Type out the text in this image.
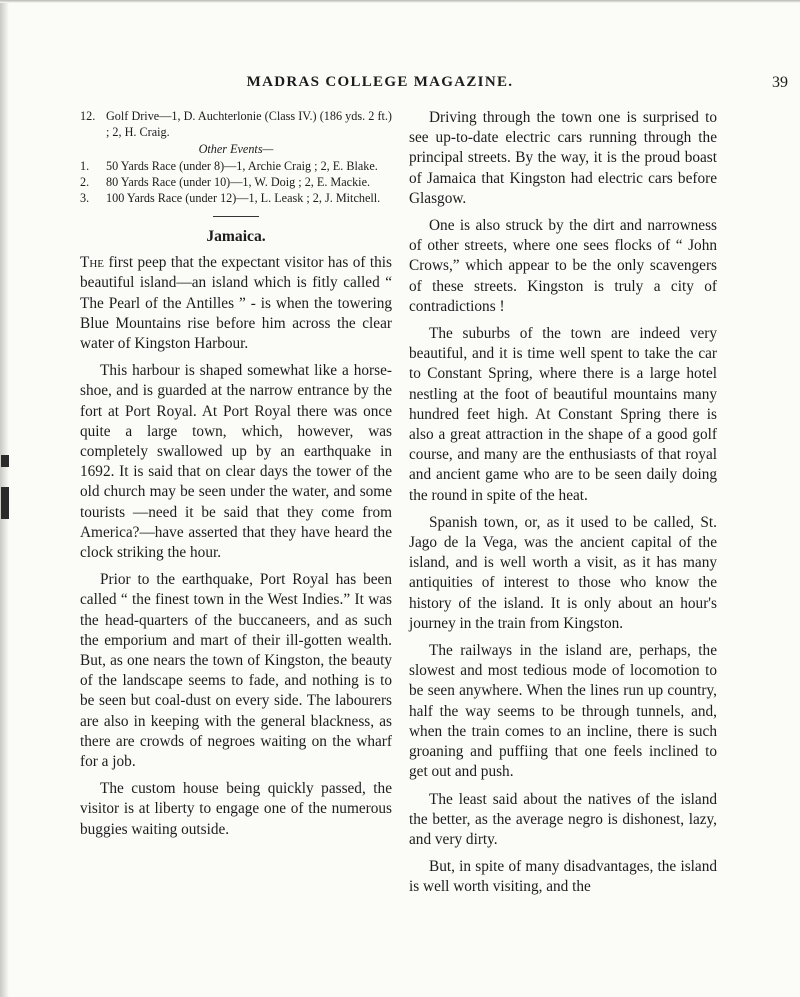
MADRAS COLLEGE MAGAZINE.	39
12. Golf Drive—1, D. Auchterlonie (Class IV.) (186 yds. 2 ft.) ; 2, H. Craig.
Other Events—
1. 50 Yards Race (under 8)—1, Archie Craig ; 2, E. Blake.
2. 80 Yards Race (under 10)—1, W. Doig ; 2, E. Mackie.
3. 100 Yards Race (under 12)—1, L. Leask ; 2, J. Mitchell.
Jamaica.

The first peep that the expectant visitor has of this beautiful island—an island which is fitly called “ The Pearl of the Antilles ” - is when the towering Blue Mountains rise before him across the clear water of Kingston Harbour.

This harbour is shaped somewhat like a horse-shoe, and is guarded at the narrow entrance by the fort at Port Royal. At Port Royal there was once quite a large town, which, however, was completely swallowed up by an earthquake in 1692. It is said that on clear days the tower of the old church may be seen under the water, and some tourists —need it be said that they come from America?—have asserted that they have heard the clock striking the hour.

Prior to the earthquake, Port Royal has been called “ the finest town in the West Indies.” It was the head-quarters of the buccaneers, and as such the emporium and mart of their ill-gotten wealth. But, as one nears the town of Kingston, the beauty of the landscape seems to fade, and nothing is to be seen but coal-dust on every side. The labourers are also in keeping with the general blackness, as there are crowds of negroes waiting on the wharf for a job.

The custom house being quickly passed, the visitor is at liberty to engage one of the numerous buggies waiting outside.

Driving through the town one is surprised to see up-to-date electric cars running through the principal streets. By the way, it is the proud boast of Jamaica that Kingston had electric cars before Glasgow.

One is also struck by the dirt and narrowness of other streets, where one sees flocks of “ John Crows,” which appear to be the only scavengers of these streets. Kingston is truly a city of contradictions !

The suburbs of the town are indeed very beautiful, and it is time well spent to take the car to Constant Spring, where there is a large hotel nestling at the foot of beautiful mountains many hundred feet high. At Constant Spring there is also a great attraction in the shape of a good golf course, and many are the enthusiasts of that royal and ancient game who are to be seen daily doing the round in spite of the heat.

Spanish town, or, as it used to be called, St. Jago de la Vega, was the ancient capital of the island, and is well worth a visit, as it has many antiquities of interest to those who know the history of the island. It is only about an hour's journey in the train from Kingston.

The railways in the island are, perhaps, the slowest and most tedious mode of locomotion to be seen anywhere. When the lines run up country, half the way seems to be through tunnels, and, when the train comes to an incline, there is such groaning and puffiing that one feels inclined to get out and push.

The least said about the natives of the island the better, as the average negro is dishonest, lazy, and very dirty.

But, in spite of many disadvantages, the island is well worth visiting, and the
